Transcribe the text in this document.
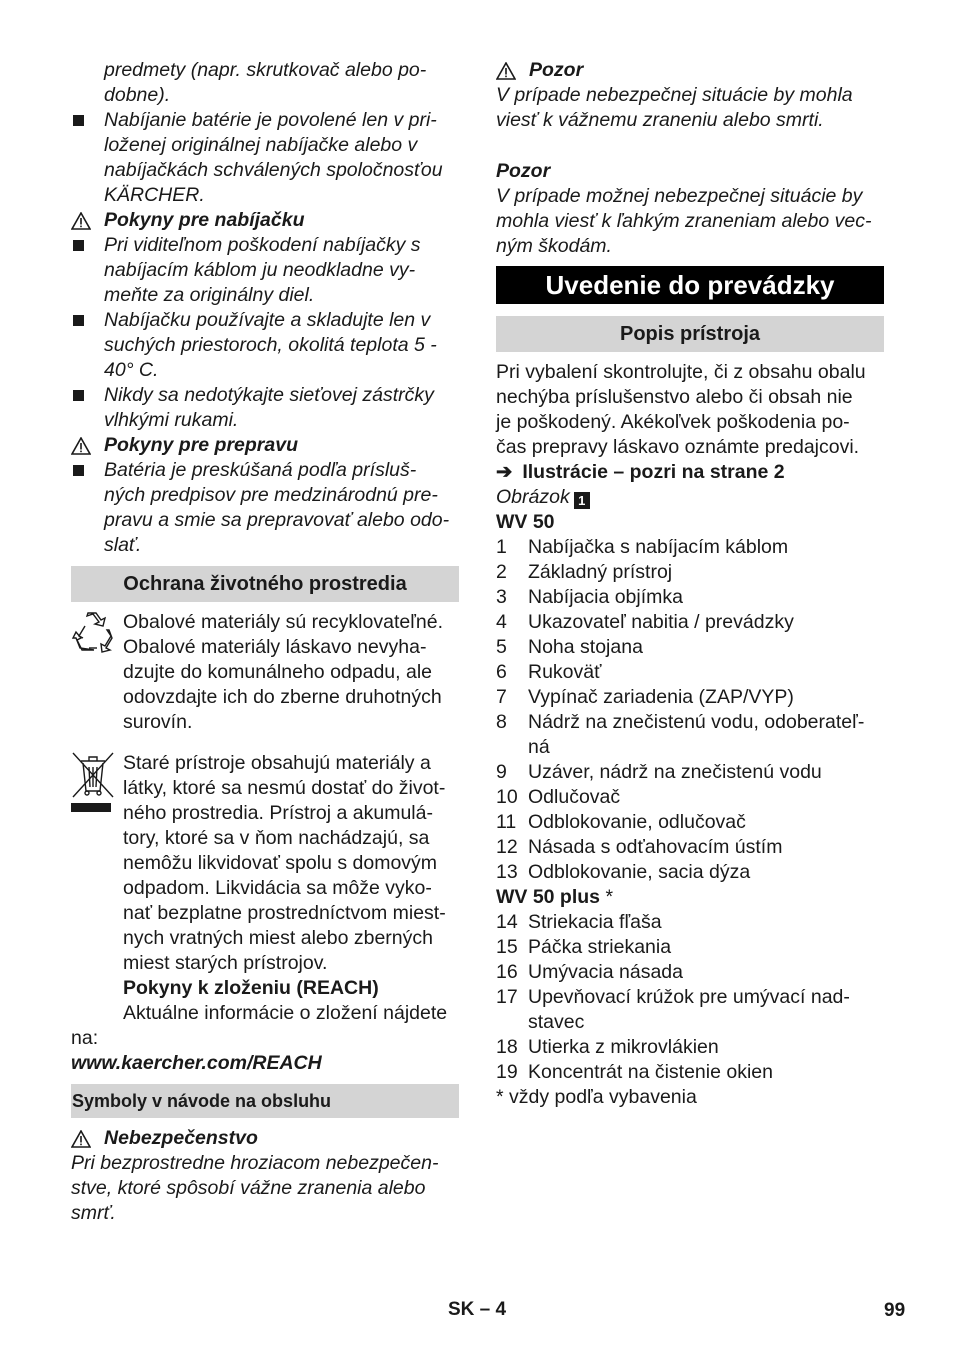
predmety (napr. skrutkovač alebo po-

dobne).

Nabíjanie batérie je povolené len v pri-

loženej originálnej nabíjačke alebo v

nabíjačkách schválených spoločnosťou

KÄRCHER.

Pokyny pre nabíjačku

Pri viditeľnom poškodení nabíjačky s

nabíjacím káblom ju neodkladne vy-

meňte za originálny diel.

Nabíjačku používajte a skladujte len v

suchých priestoroch, okolitá teplota 5 -

40° C.

Nikdy sa nedotýkajte sieťovej zástrčky

vlhkými rukami.

Pokyny pre prepravu

Batéria je preskúšaná podľa prísluš-

ných predpisov pre medzinárodnú pre-

pravu a smie sa prepravovať alebo odo-

slať.

Ochrana životného prostredia

Obalové materiály sú recyklovateľné.

Obalové materiály láskavo nevyha-

dzujte do komunálneho odpadu, ale

odovzdajte ich do zberne druhotných

surovín.

Staré prístroje obsahujú materiály a

látky, ktoré sa nesmú dostať do život-

ného prostredia. Prístroj a akumulá-

tory, ktoré sa v ňom nachádzajú, sa

nemôžu likvidovať spolu s domovým

odpadom. Likvidácia sa môže vyko-

nať bezplatne prostredníctvom miest-

nych vratných miest alebo zberných

miest starých prístrojov.

Pokyny k zloženiu (REACH)

Aktuálne informácie o zložení nájdete

na:

www.kaercher.com/REACH

Symboly v návode na obsluhu
Nebezpečenstvo

Pri bezprostredne hroziacom nebezpečen-

stve, ktoré spôsobí vážne zranenia alebo

smrť.

Pozor

V prípade nebezpečnej situácie by mohla

viesť k vážnemu zraneniu alebo smrti.

Pozor

V prípade možnej nebezpečnej situácie by

mohla viesť k ľahkým zraneniam alebo vec-

ným škodám.

Uvedenie do prevádzky
Popis prístroja

Pri vybalení skontrolujte, či z obsahu obalu

nechýba príslušenstvo alebo či obsah nie

je poškodený. Akékoľvek poškodenia po-

čas prepravy láskavo oznámte predajcovi.

➔ Ilustrácie – pozri na strane 2

Obrázok 1

WV 50

1	Nabíjačka s nabíjacím káblom
2	Základný prístroj
3	Nabíjacia objímka
4	Ukazovateľ nabitia / prevádzky
5	Noha stojana
6	Rukoväť
7	Vypínač zariadenia (ZAP/VYP)
8	Nádrž na znečistenú vodu, odoberateľ-
ná
9	Uzáver, nádrž na znečistenú vodu
10 Odlučovač
11 Odblokovanie, odlučovač
12 Násada s odťahovacím ústím
13 Odblokovanie, sacia dýza

WV 50 plus *

14 Striekacia fľaša
15 Páčka striekania
16 Umývacia násada
17 Upevňovací krúžok pre umývací nad-
stavec
18 Utierka z mikrovlákien
19 Koncentrát na čistenie okien

* vždy podľa vybavenia

SK – 4	99
